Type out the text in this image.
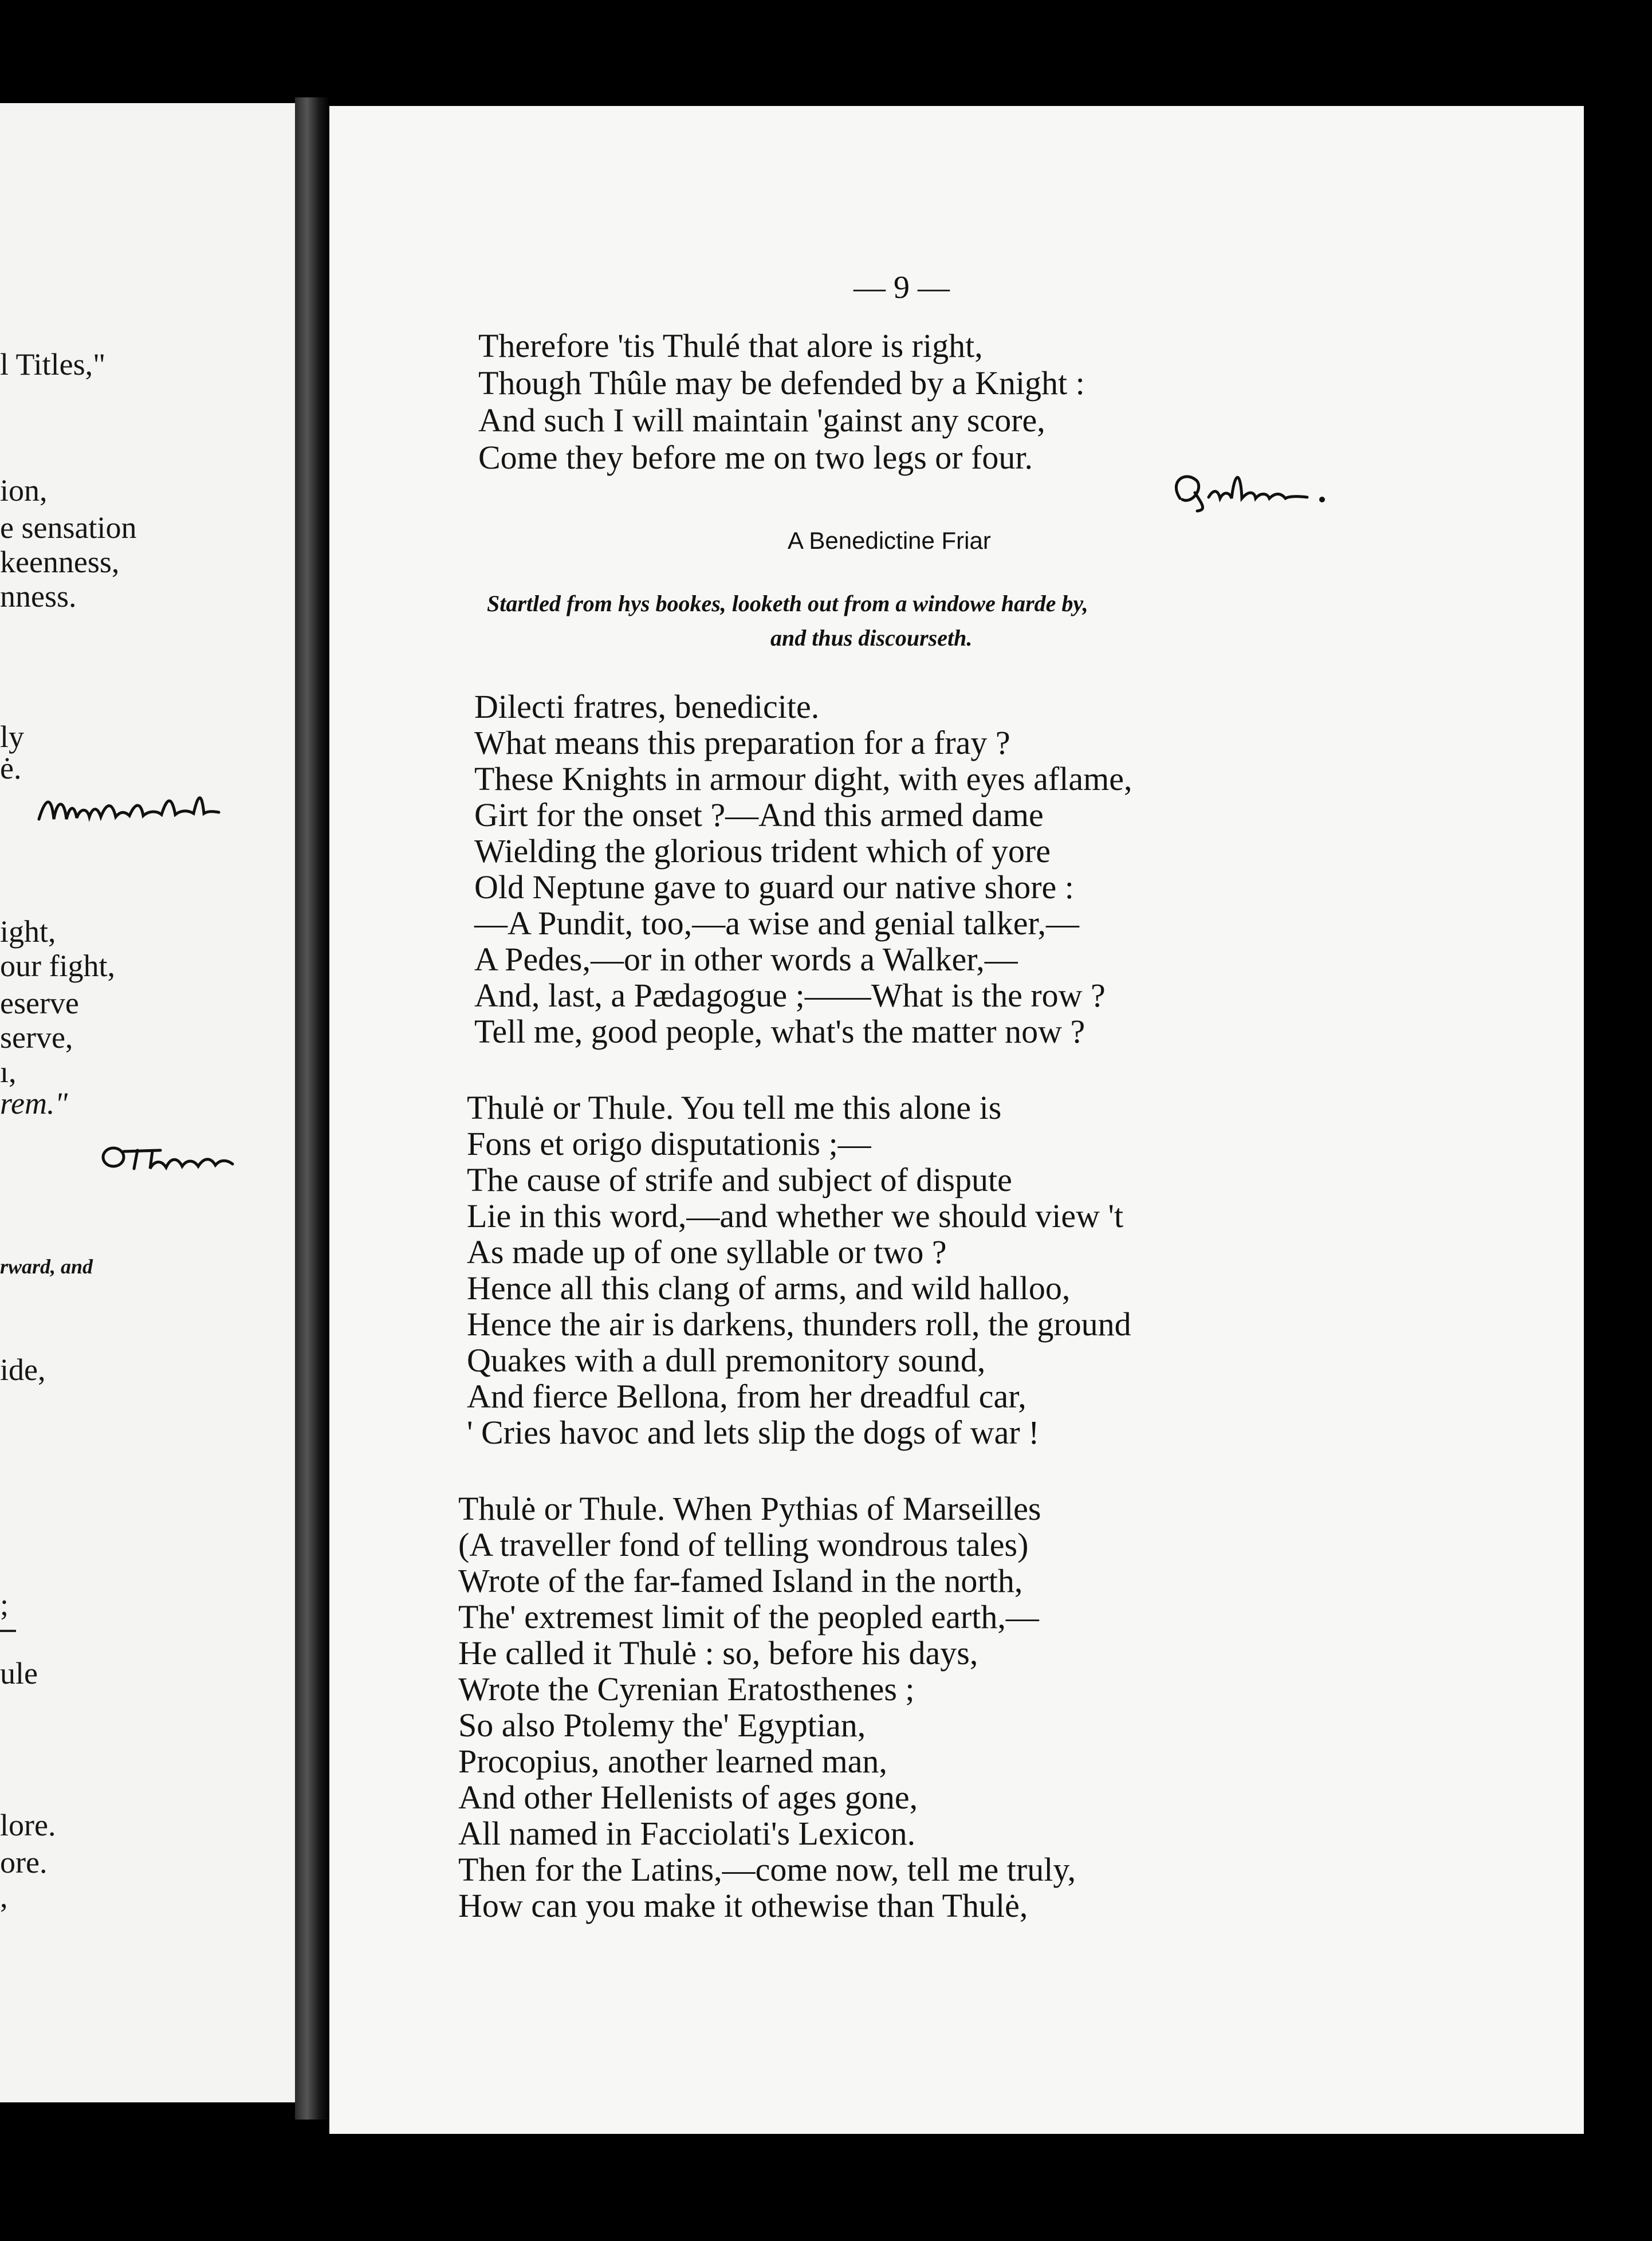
l Titles,"
ion,
e sensation
keenness,
nness.
ly
ė.
ight,
our fight,
eserve
serve,
ı,
rem."
rward, and
ide,
;
ule
lore.
ore.
,
— 9 —
Therefore 'tis Thulé that alore is right,
Though Thûle may be defended by a Knight :
And such I will maintain 'gainst any score,
Come they before me on two legs or four.
A Benedictine Friar
Startled from hys bookes, looketh out from a windowe harde by,
and thus discourseth.
Dilecti fratres, benedicite.
What means this preparation for a fray ?
These Knights in armour dight, with eyes aflame,
Girt for the onset ?—And this armed dame
Wielding the glorious trident which of yore
Old Neptune gave to guard our native shore :
—A Pundit, too,—a wise and genial talker,—
A Pedes,—or in other words a Walker,—
And, last, a Pædagogue ;——What is the row ?
Tell me, good people, what's the matter now ?
Thulė or Thule. You tell me this alone is
Fons et origo disputationis ;—
The cause of strife and subject of dispute
Lie in this word,—and whether we should view 't
As made up of one syllable or two ?
Hence all this clang of arms, and wild halloo,
Hence the air is darkens, thunders roll, the ground
Quakes with a dull premonitory sound,
And fierce Bellona, from her dreadful car,
' Cries havoc and lets slip the dogs of war !
Thulė or Thule. When Pythias of Marseilles
(A traveller fond of telling wondrous tales)
Wrote of the far-famed Island in the north,
The' extremest limit of the peopled earth,—
He called it Thulė : so, before his days,
Wrote the Cyrenian Eratosthenes ;
So also Ptolemy the' Egyptian,
Procopius, another learned man,
And other Hellenists of ages gone,
All named in Facciolati's Lexicon.
Then for the Latins,—come now, tell me truly,
How can you make it othewise than Thulė,
